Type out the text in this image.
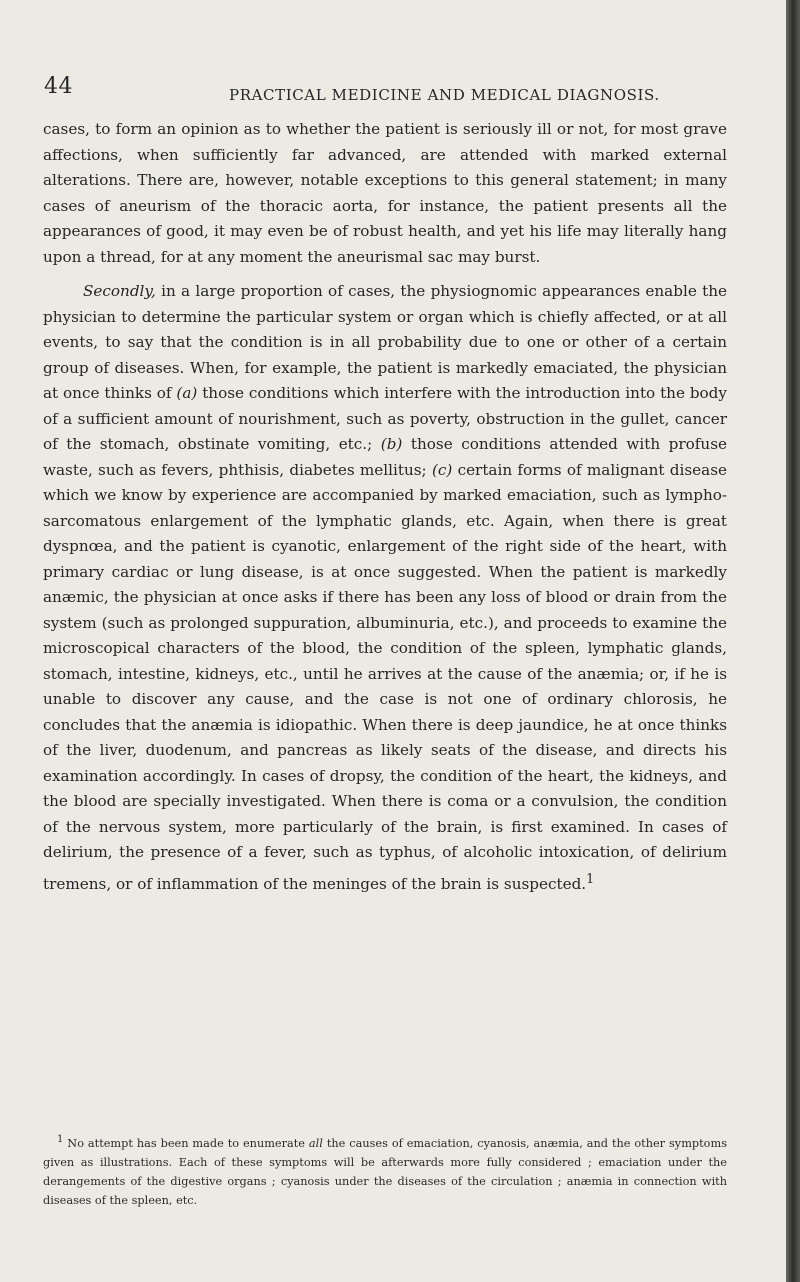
44	PRACTICAL MEDICINE AND MEDICAL DIAGNOSIS.

cases, to form an opinion as to whether the patient is seriously ill or not, for most grave affections, when sufficiently far advanced, are attended with marked external alterations. There are, however, notable exceptions to this general statement; in many cases of aneurism of the thoracic aorta, for instance, the patient presents all the appearances of good, it may even be of robust health, and yet his life may literally hang upon a thread, for at any moment the aneurismal sac may burst.

Secondly, in a large proportion of cases, the physiognomic appearances enable the physician to determine the particular system or organ which is chiefly affected, or at all events, to say that the condition is in all probability due to one or other of a certain group of diseases. When, for example, the patient is markedly emaciated, the physician at once thinks of (a) those conditions which interfere with the introduction into the body of a sufficient amount of nourishment, such as poverty, obstruction in the gullet, cancer of the stomach, obstinate vomiting, etc.; (b) those conditions attended with profuse waste, such as fevers, phthisis, diabetes mellitus; (c) certain forms of malignant disease which we know by experience are accompanied by marked emaciation, such as lympho-sarcomatous enlargement of the lymphatic glands, etc. Again, when there is great dyspnœa, and the patient is cyanotic, enlargement of the right side of the heart, with primary cardiac or lung disease, is at once suggested. When the patient is markedly anæmic, the physician at once asks if there has been any loss of blood or drain from the system (such as prolonged suppuration, albuminuria, etc.), and proceeds to examine the microscopical characters of the blood, the condition of the spleen, lymphatic glands, stomach, intestine, kidneys, etc., until he arrives at the cause of the anæmia; or, if he is unable to discover any cause, and the case is not one of ordinary chlorosis, he concludes that the anæmia is idiopathic. When there is deep jaundice, he at once thinks of the liver, duodenum, and pancreas as likely seats of the disease, and directs his examination accordingly. In cases of dropsy, the condition of the heart, the kidneys, and the blood are specially investigated. When there is coma or a convulsion, the condition of the nervous system, more particularly of the brain, is first examined. In cases of delirium, the presence of a fever, such as typhus, of alcoholic intoxication, of delirium tremens, or of inflammation of the meninges of the brain is suspected.$^1$

$^1$ No attempt has been made to enumerate all the causes of emaciation, cyanosis, anæmia, and the other symptoms given as illustrations. Each of these symptoms will be afterwards more fully considered ; emaciation under the derangements of the digestive organs ; cyanosis under the diseases of the circulation ; anæmia in connection with diseases of the spleen, etc.
